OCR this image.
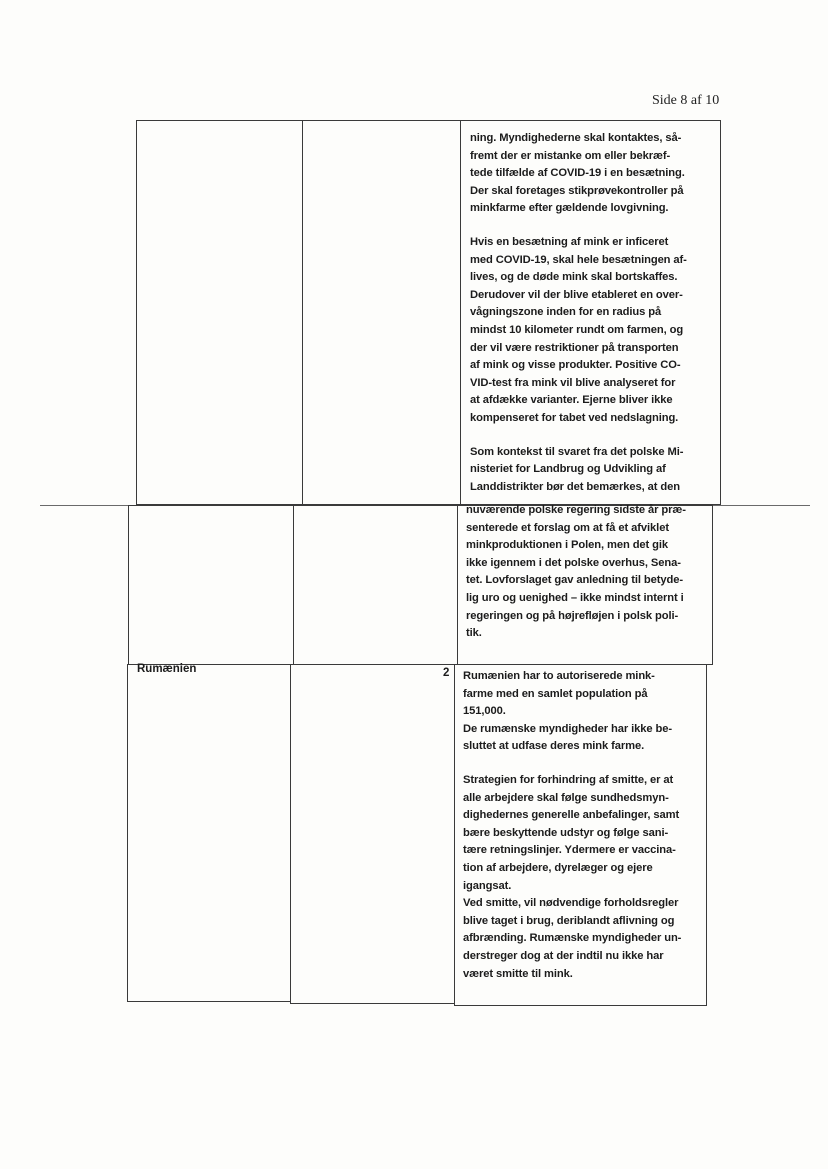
Side 8 af 10

ning. Myndighederne skal kontaktes, så-

fremt der er mistanke om eller bekræf-

tede tilfælde af COVID-19 i en besætning.

Der skal foretages stikprøvekontroller på

minkfarme efter gældende lovgivning.

Hvis en besætning af mink er inficeret

med COVID-19, skal hele besætningen af-

lives, og de døde mink skal bortskaffes.

Derudover vil der blive etableret en over-

vågningszone inden for en radius på

mindst 10 kilometer rundt om farmen, og

der vil være restriktioner på transporten

af mink og visse produkter. Positive CO-

VID-test fra mink vil blive analyseret for

at afdække varianter. Ejerne bliver ikke

kompenseret for tabet ved nedslagning.

Som kontekst til svaret fra det polske Mi-

nisteriet for Landbrug og Udvikling af

Landdistrikter bør det bemærkes, at den

nuværende polske regering sidste år præ-

senterede et forslag om at få et afviklet

minkproduktionen i Polen, men det gik

ikke igennem i det polske overhus, Sena-

tet. Lovforslaget gav anledning til betyde-

lig uro og uenighed – ikke mindst internt i

regeringen og på højrefløjen i polsk poli-

tik.

Rumænien	2 Rumænien har to autoriserede mink-

farme med en samlet population på

151,000.

De rumænske myndigheder har ikke be-

sluttet at udfase deres mink farme.

Strategien for forhindring af smitte, er at

alle arbejdere skal følge sundhedsmyn-

dighedernes generelle anbefalinger, samt

bære beskyttende udstyr og følge sani-

tære retningslinjer. Ydermere er vaccina-

tion af arbejdere, dyrelæger og ejere

igangsat.

Ved smitte, vil nødvendige forholdsregler

blive taget i brug, deriblandt aflivning og

afbrænding. Rumænske myndigheder un-

derstreger dog at der indtil nu ikke har

været smitte til mink.
